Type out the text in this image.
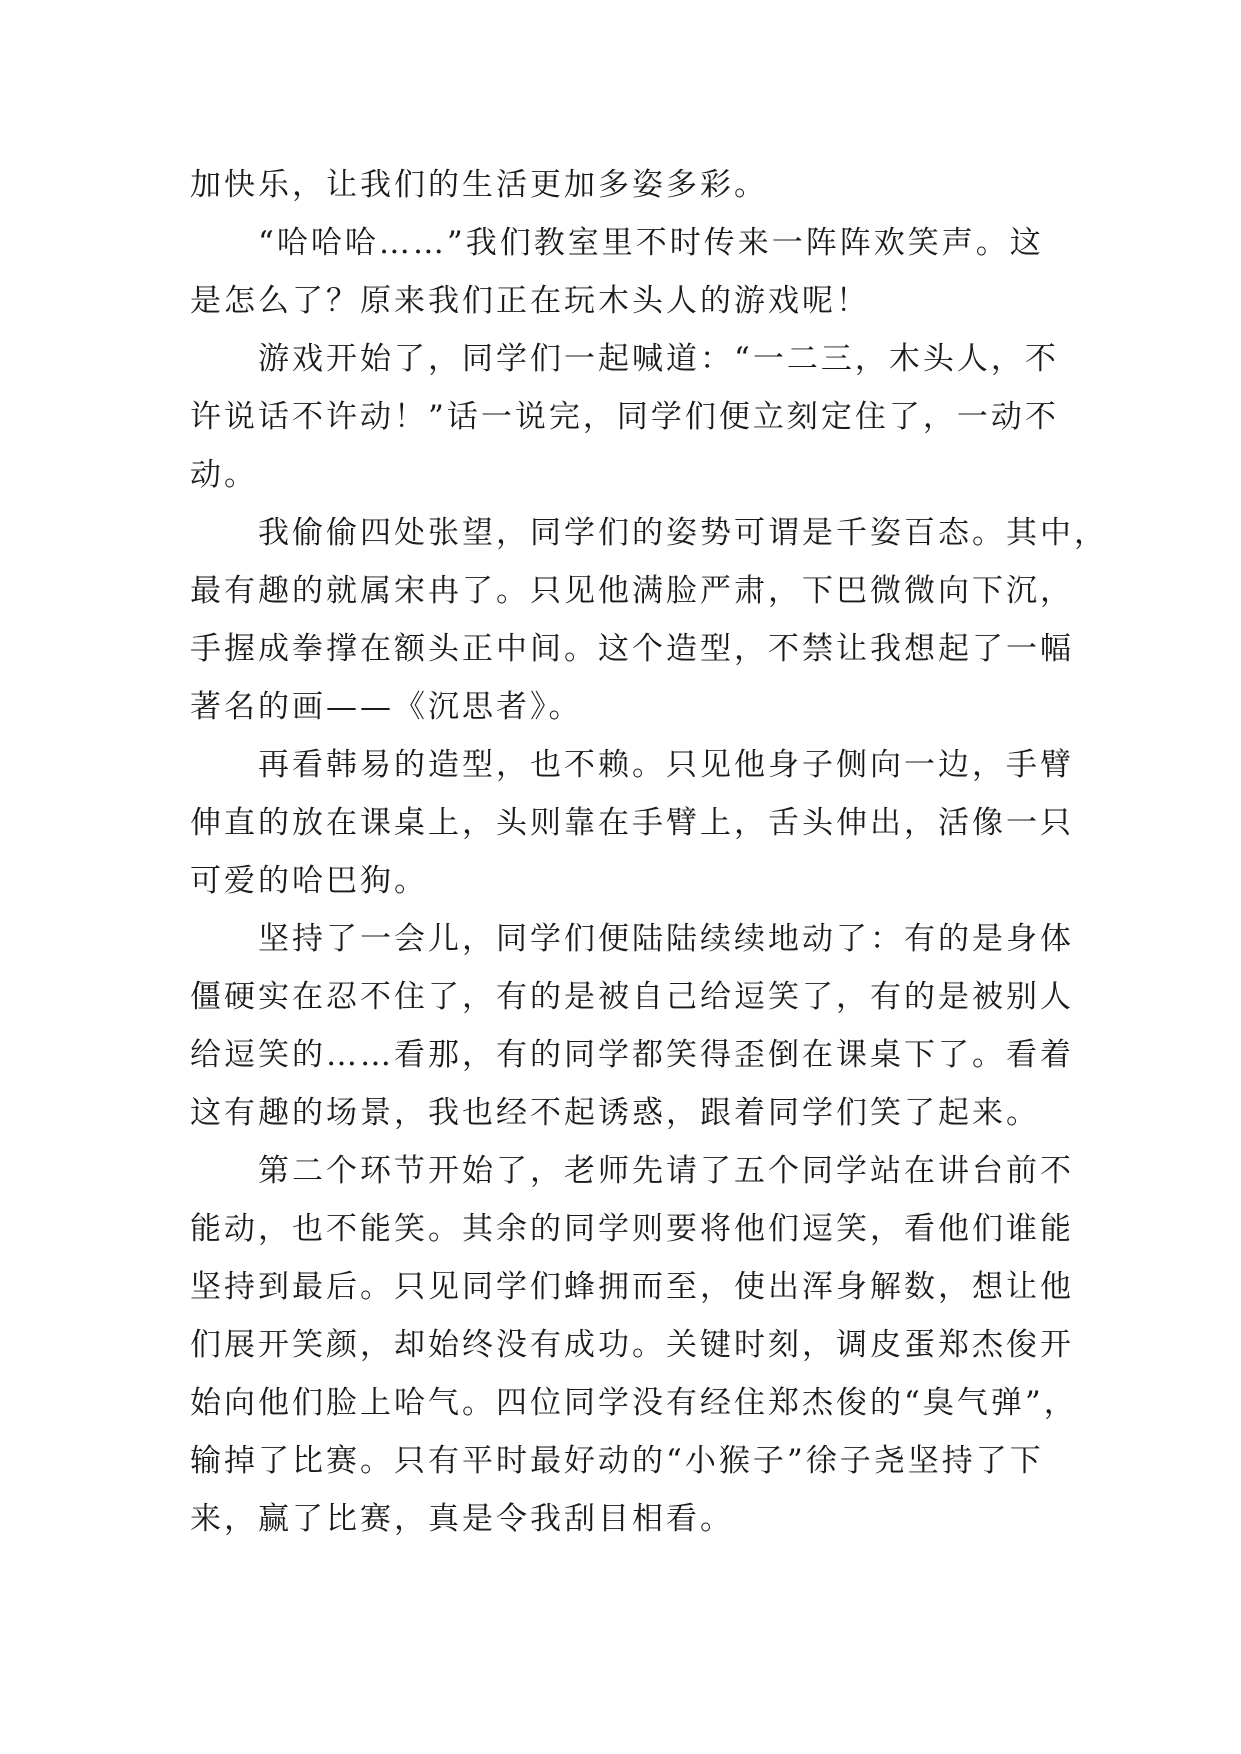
加快乐，让我们的生活更加多姿多彩。
“哈哈哈……”我们教室里不时传来一阵阵欢笑声。这
是怎么了？原来我们正在玩木头人的游戏呢！
游戏开始了，同学们一起喊道：“一二三，木头人，不
许说话不许动！”话一说完，同学们便立刻定住了，一动不
动。
我偷偷四处张望，同学们的姿势可谓是千姿百态。其中，
最有趣的就属宋冉了。只见他满脸严肃，下巴微微向下沉，
手握成拳撑在额头正中间。这个造型，不禁让我想起了一幅
著名的画——《沉思者》。
再看韩易的造型，也不赖。只见他身子侧向一边，手臂
伸直的放在课桌上，头则靠在手臂上，舌头伸出，活像一只
可爱的哈巴狗。
坚持了一会儿，同学们便陆陆续续地动了：有的是身体
僵硬实在忍不住了，有的是被自己给逗笑了，有的是被别人
给逗笑的……看那，有的同学都笑得歪倒在课桌下了。看着
这有趣的场景，我也经不起诱惑，跟着同学们笑了起来。
第二个环节开始了，老师先请了五个同学站在讲台前不
能动，也不能笑。其余的同学则要将他们逗笑，看他们谁能
坚持到最后。只见同学们蜂拥而至，使出浑身解数，想让他
们展开笑颜，却始终没有成功。关键时刻，调皮蛋郑杰俊开
始向他们脸上哈气。四位同学没有经住郑杰俊的“臭气弹”，
输掉了比赛。只有平时最好动的“小猴子”徐子尧坚持了下
来，赢了比赛，真是令我刮目相看。
